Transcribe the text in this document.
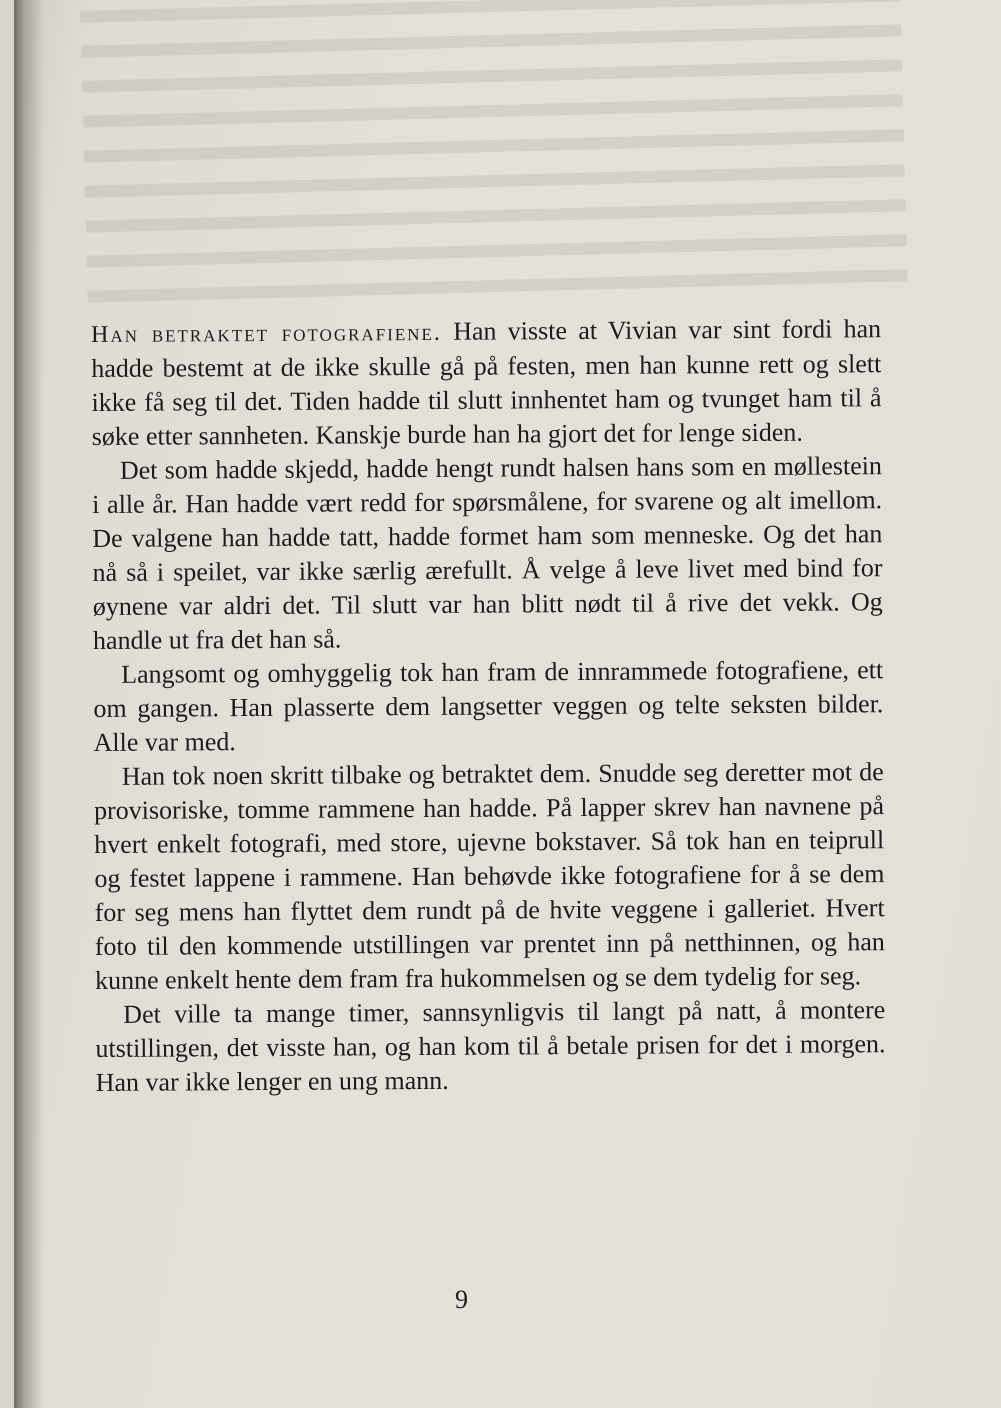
Han betraktet fotografiene. Han visste at Vivian var sint fordi han hadde bestemt at de ikke skulle gå på festen, men han kunne rett og slett ikke få seg til det. Tiden hadde til slutt innhentet ham og tvunget ham til å søke etter sannheten. Kanskje burde han ha gjort det for lenge siden.

Det som hadde skjedd, hadde hengt rundt halsen hans som en møllestein i alle år. Han hadde vært redd for spørsmålene, for svarene og alt imellom. De valgene han hadde tatt, hadde formet ham som menneske. Og det han nå så i speilet, var ikke særlig ærefullt. Å velge å leve livet med bind for øynene var aldri det. Til slutt var han blitt nødt til å rive det vekk. Og handle ut fra det han så.

Langsomt og omhyggelig tok han fram de innrammede fotografiene, ett om gangen. Han plasserte dem langsetter veggen og telte seksten bilder. Alle var med.

Han tok noen skritt tilbake og betraktet dem. Snudde seg deretter mot de provisoriske, tomme rammene han hadde. På lapper skrev han navnene på hvert enkelt fotografi, med store, ujevne bokstaver. Så tok han en teiprull og festet lappene i rammene. Han behøvde ikke fotografiene for å se dem for seg mens han flyttet dem rundt på de hvite veggene i galleriet. Hvert foto til den kommende utstillingen var prentet inn på netthinnen, og han kunne enkelt hente dem fram fra hukommelsen og se dem tydelig for seg.

Det ville ta mange timer, sannsynligvis til langt på natt, å montere utstillingen, det visste han, og han kom til å betale prisen for det i morgen. Han var ikke lenger en ung mann.

9
